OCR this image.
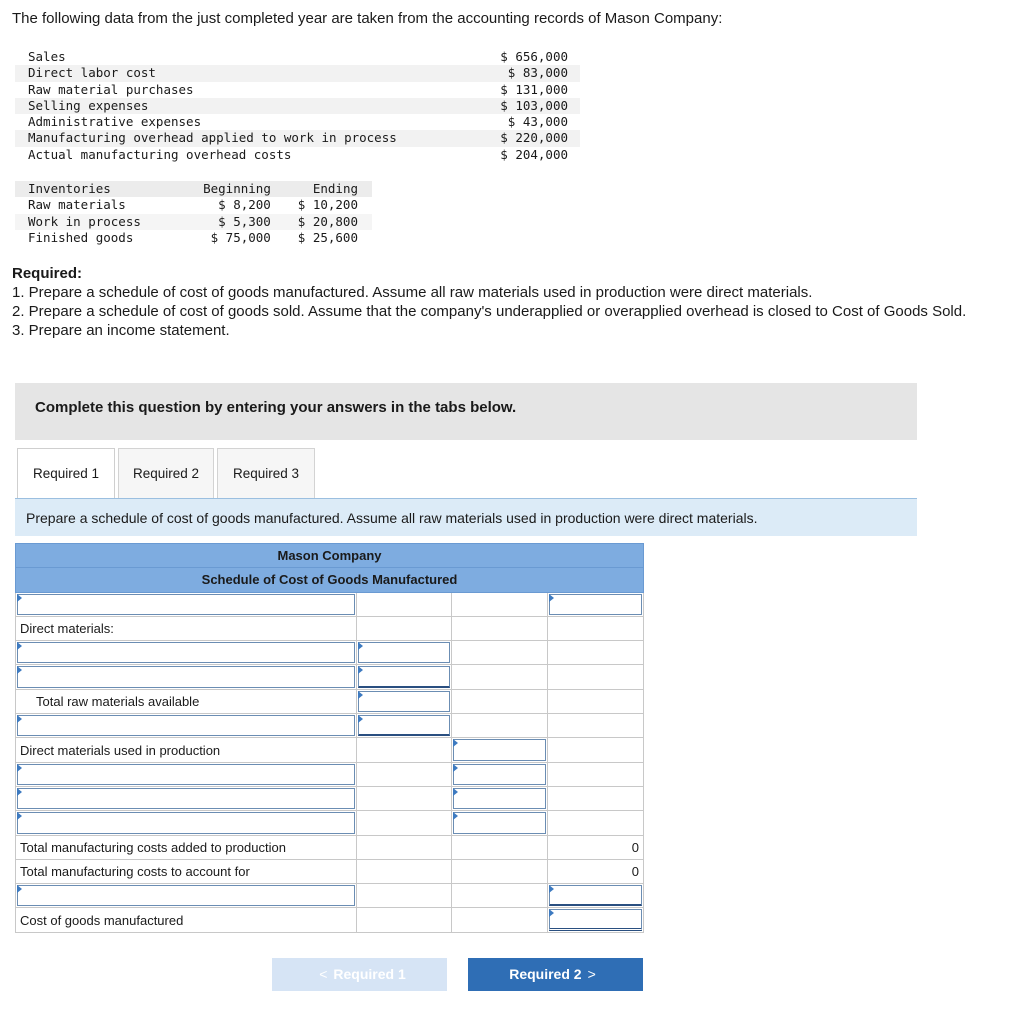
The following data from the just completed year are taken from the accounting records of Mason Company:
Sales	$ 656,000
Direct labor cost	$ 83,000
Raw material purchases	$ 131,000
Selling expenses	$ 103,000
Administrative expenses	$ 43,000
Manufacturing overhead applied to work in process	$ 220,000
Actual manufacturing overhead costs	$ 204,000
Inventories	Beginning	Ending
Raw materials	$ 8,200	$ 10,200
Work in process	$ 5,300	$ 20,800
Finished goods	$ 75,000	$ 25,600
Required:
1. Prepare a schedule of cost of goods manufactured. Assume all raw materials used in production were direct materials.
2. Prepare a schedule of cost of goods sold. Assume that the company's underapplied or overapplied overhead is closed to Cost of Goods Sold.
3. Prepare an income statement.
Complete this question by entering your answers in the tabs below.
Required 1	Required 2	Required 3
Prepare a schedule of cost of goods manufactured. Assume all raw materials used in production were direct materials.
Mason Company			
Schedule of Cost of Goods Manufactured			

Direct materials:			

Total raw materials available	

Direct materials used in production		

Total manufacturing costs added to production			0
Total manufacturing costs to account for			0

Cost of goods manufactured			
< Required 1	Required 2 >
